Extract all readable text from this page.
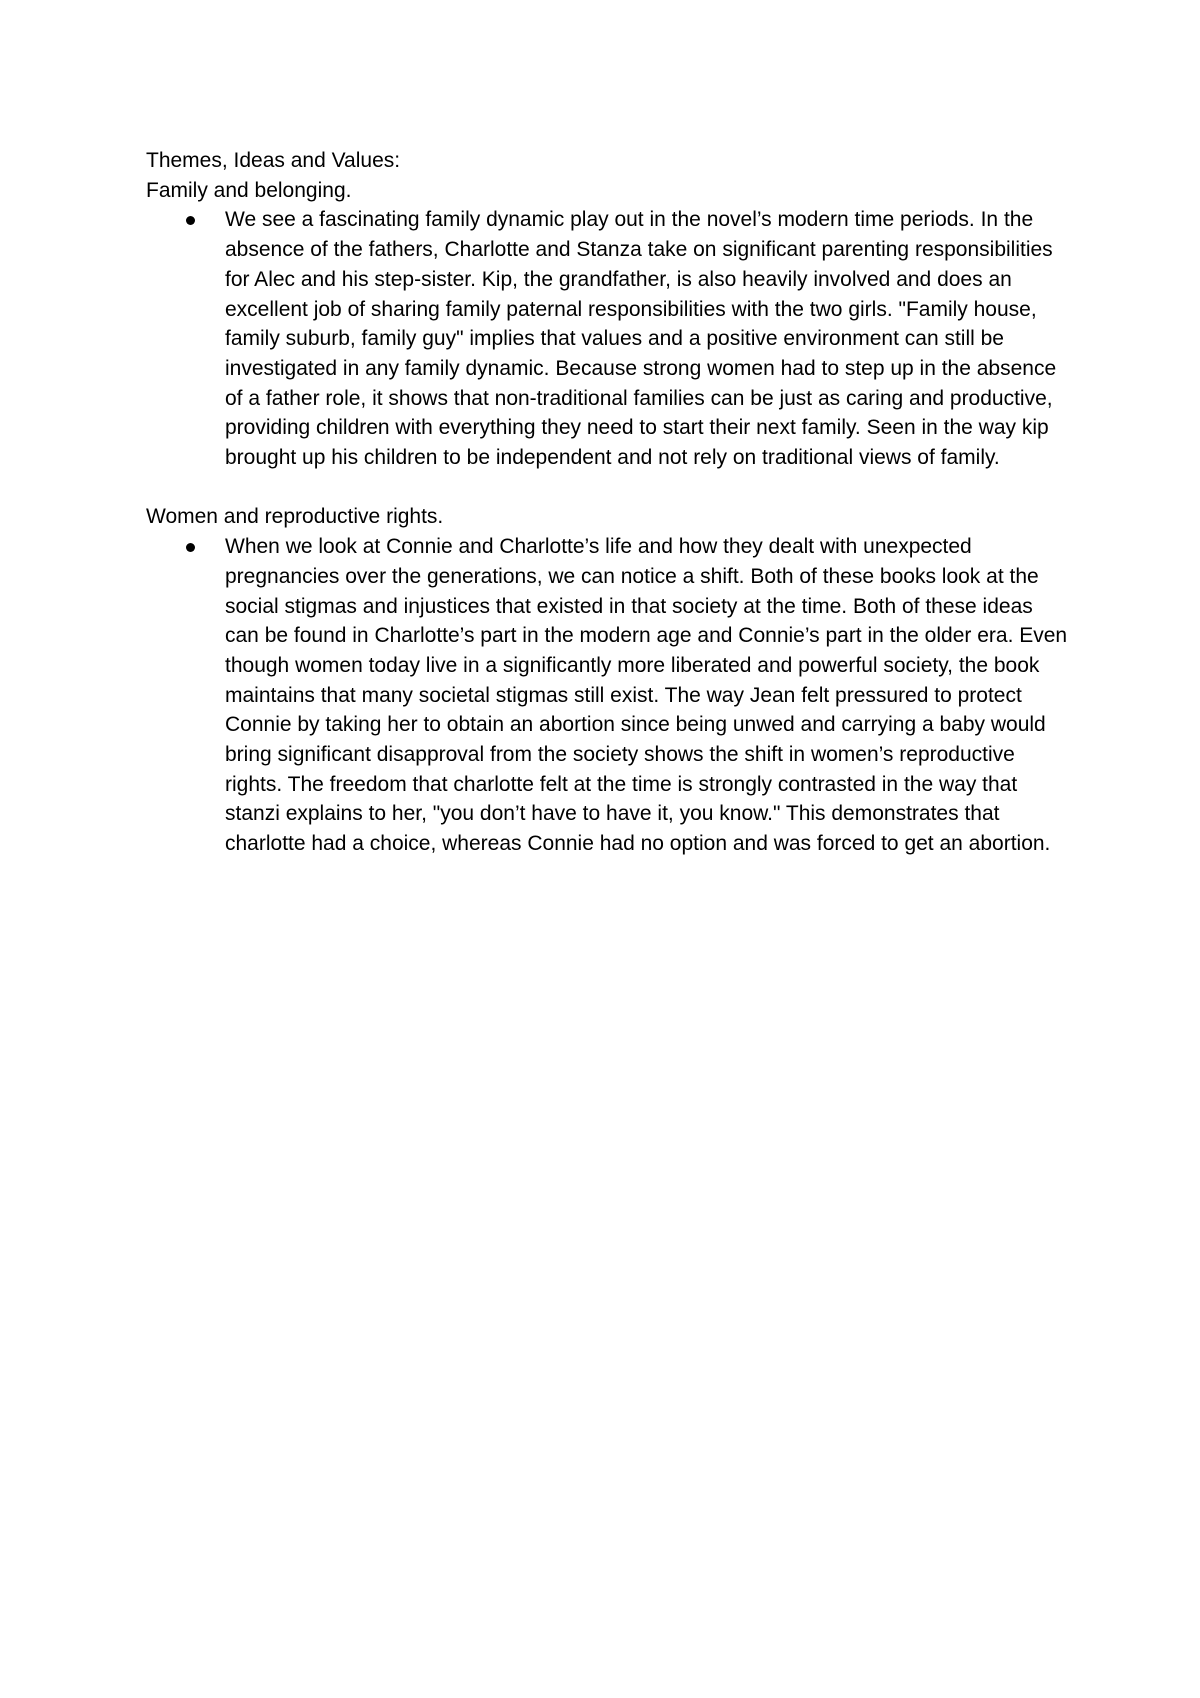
Themes, Ideas and Values:

Family and belonging.

We see a fascinating family dynamic play out in the novel’s modern time periods. In the absence of the fathers, Charlotte and Stanza take on significant parenting responsibilities for Alec and his step-sister. Kip, the grandfather, is also heavily involved and does an excellent job of sharing family paternal responsibilities with the two girls. "Family house, family suburb, family guy" implies that values and a positive environment can still be investigated in any family dynamic. Because strong women had to step up in the absence of a father role, it shows that non-traditional families can be just as caring and productive, providing children with everything they need to start their next family. Seen in the way kip brought up his children to be independent and not rely on traditional views of family.

Women and reproductive rights.

When we look at Connie and Charlotte’s life and how they dealt with unexpected pregnancies over the generations, we can notice a shift. Both of these books look at the social stigmas and injustices that existed in that society at the time. Both of these ideas can be found in Charlotte’s part in the modern age and Connie’s part in the older era. Even though women today live in a significantly more liberated and powerful society, the book maintains that many societal stigmas still exist. The way Jean felt pressured to protect Connie by taking her to obtain an abortion since being unwed and carrying a baby would bring significant disapproval from the society shows the shift in women’s reproductive rights. The freedom that charlotte felt at the time is strongly contrasted in the way that stanzi explains to her, "you don’t have to have it, you know." This demonstrates that charlotte had a choice, whereas Connie had no option and was forced to get an abortion.
